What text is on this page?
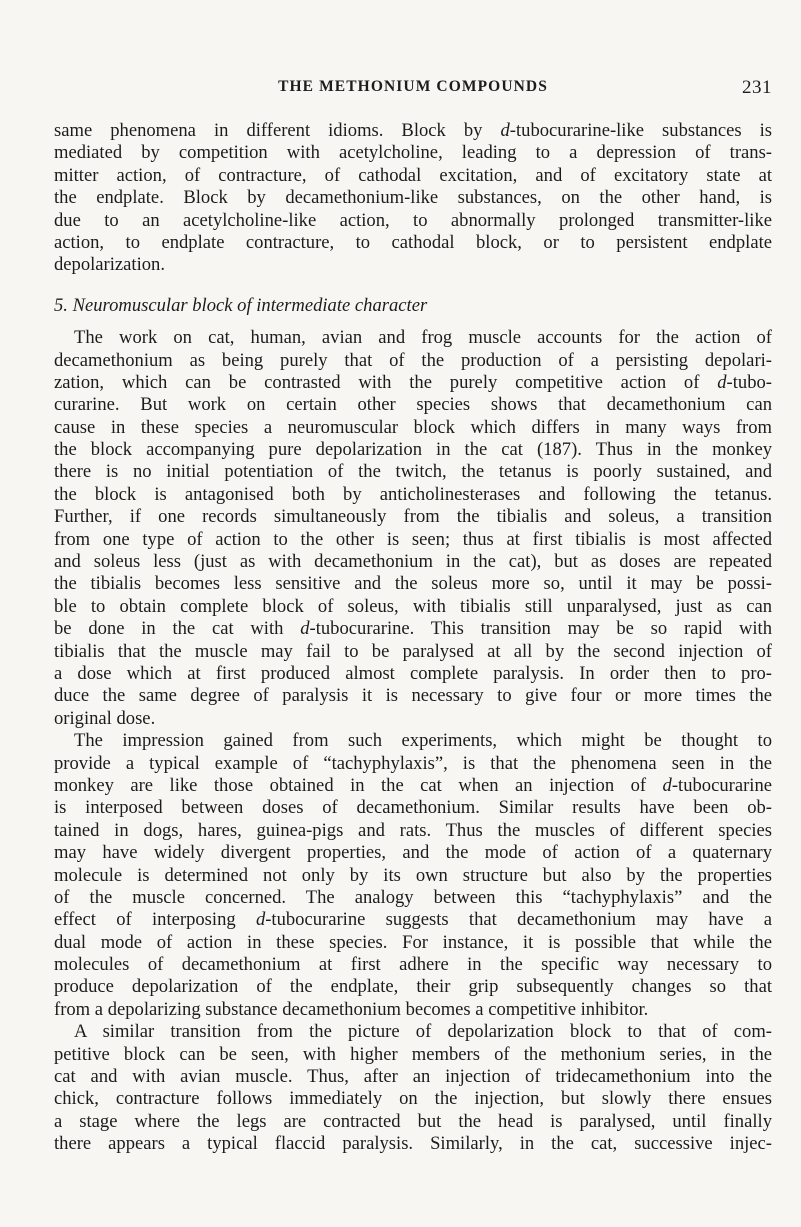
THE METHONIUM COMPOUNDS	231
same phenomena in different idioms. Block by d-tubocurarine-like substances is
mediated by competition with acetylcholine, leading to a depression of trans-
mitter action, of contracture, of cathodal excitation, and of excitatory state at
the endplate. Block by decamethonium-like substances, on the other hand, is
due to an acetylcholine-like action, to abnormally prolonged transmitter-like
action, to endplate contracture, to cathodal block, or to persistent endplate
depolarization.
5. Neuromuscular block of intermediate character
The work on cat, human, avian and frog muscle accounts for the action of
decamethonium as being purely that of the production of a persisting depolari-
zation, which can be contrasted with the purely competitive action of d-tubo-
curarine. But work on certain other species shows that decamethonium can
cause in these species a neuromuscular block which differs in many ways from
the block accompanying pure depolarization in the cat (187). Thus in the monkey
there is no initial potentiation of the twitch, the tetanus is poorly sustained, and
the block is antagonised both by anticholinesterases and following the tetanus.
Further, if one records simultaneously from the tibialis and soleus, a transition
from one type of action to the other is seen; thus at first tibialis is most affected
and soleus less (just as with decamethonium in the cat), but as doses are repeated
the tibialis becomes less sensitive and the soleus more so, until it may be possi-
ble to obtain complete block of soleus, with tibialis still unparalysed, just as can
be done in the cat with d-tubocurarine. This transition may be so rapid with
tibialis that the muscle may fail to be paralysed at all by the second injection of
a dose which at first produced almost complete paralysis. In order then to pro-
duce the same degree of paralysis it is necessary to give four or more times the
original dose.
The impression gained from such experiments, which might be thought to
provide a typical example of “tachyphylaxis”, is that the phenomena seen in the
monkey are like those obtained in the cat when an injection of d-tubocurarine
is interposed between doses of decamethonium. Similar results have been ob-
tained in dogs, hares, guinea-pigs and rats. Thus the muscles of different species
may have widely divergent properties, and the mode of action of a quaternary
molecule is determined not only by its own structure but also by the properties
of the muscle concerned. The analogy between this “tachyphylaxis” and the
effect of interposing d-tubocurarine suggests that decamethonium may have a
dual mode of action in these species. For instance, it is possible that while the
molecules of decamethonium at first adhere in the specific way necessary to
produce depolarization of the endplate, their grip subsequently changes so that
from a depolarizing substance decamethonium becomes a competitive inhibitor.
A similar transition from the picture of depolarization block to that of com-
petitive block can be seen, with higher members of the methonium series, in the
cat and with avian muscle. Thus, after an injection of tridecamethonium into the
chick, contracture follows immediately on the injection, but slowly there ensues
a stage where the legs are contracted but the head is paralysed, until finally
there appears a typical flaccid paralysis. Similarly, in the cat, successive injec-
